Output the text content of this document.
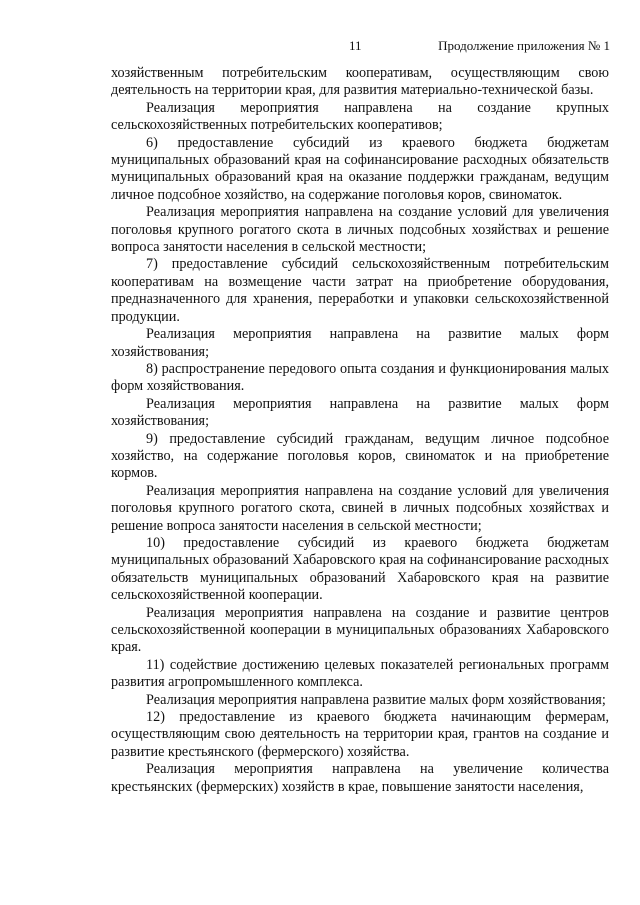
11	Продолжение приложения № 1

хозяйственным потребительским кооперативам, осуществляющим свою деятельность на территории края, для развития материально-технической базы.

Реализация мероприятия направлена на создание крупных сельскохозяйственных потребительских кооперативов;

6) предоставление субсидий из краевого бюджета бюджетам муниципальных образований края на софинансирование расходных обязательств муниципальных образований края на оказание поддержки гражданам, ведущим личное подсобное хозяйство, на содержание поголовья коров, свиноматок.

Реализация мероприятия направлена на создание условий для увеличения поголовья крупного рогатого скота в личных подсобных хозяйствах и решение вопроса занятости населения в сельской местности;

7) предоставление субсидий сельскохозяйственным потребительским кооперативам на возмещение части затрат на приобретение оборудования, предназначенного для хранения, переработки и упаковки сельскохозяйственной продукции.

Реализация мероприятия направлена на развитие малых форм хозяйствования;

8) распространение передового опыта создания и функционирования малых форм хозяйствования.

Реализация мероприятия направлена на развитие малых форм хозяйствования;

9) предоставление субсидий гражданам, ведущим личное подсобное хозяйство, на содержание поголовья коров, свиноматок и на приобретение кормов.

Реализация мероприятия направлена на создание условий для увеличения поголовья крупного рогатого скота, свиней в личных подсобных хозяйствах и решение вопроса занятости населения в сельской местности;

10) предоставление субсидий из краевого бюджета бюджетам муниципальных образований Хабаровского края на софинансирование расходных обязательств муниципальных образований Хабаровского края на развитие сельскохозяйственной кооперации.

Реализация мероприятия направлена на создание и развитие центров сельскохозяйственной кооперации в муниципальных образованиях Хабаровского края.

11) содействие достижению целевых показателей региональных программ развития агропромышленного комплекса.

Реализация мероприятия направлена развитие малых форм хозяйствования;

12) предоставление из краевого бюджета начинающим фермерам, осуществляющим свою деятельность на территории края, грантов на создание и развитие крестьянского (фермерского) хозяйства.

Реализация мероприятия направлена на увеличение количества крестьянских (фермерских) хозяйств в крае, повышение занятости населения,
